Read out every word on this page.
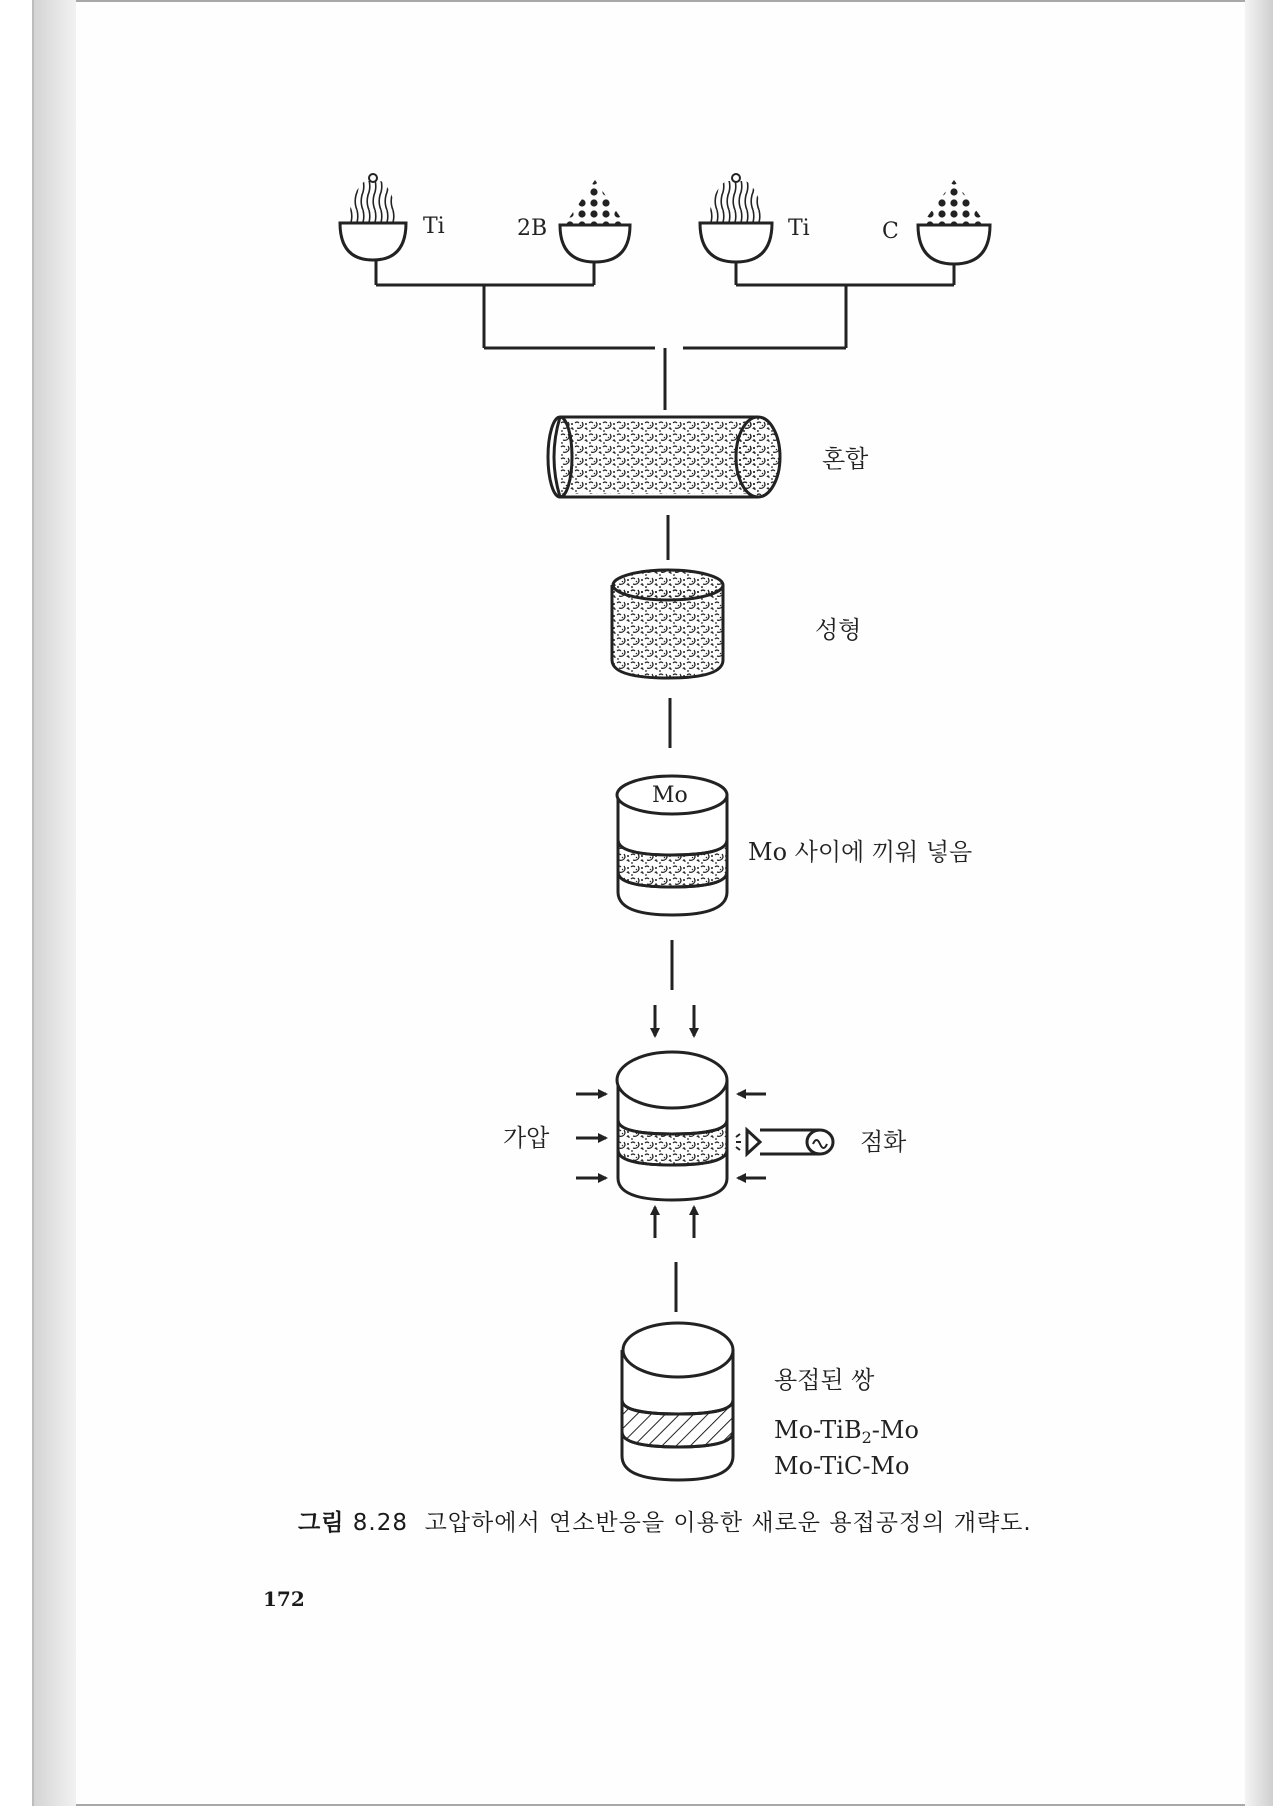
Ti	2B	Ti	C
혼합
성형
Mo
Mo 사이에 끼워 넣음
가압	점화
용접된 쌍
Mo-TiB$_2$-Mo
Mo-TiC-Mo
그림 8.28 고압하에서 연소반응을 이용한 새로운 용접공정의 개략도.
172
